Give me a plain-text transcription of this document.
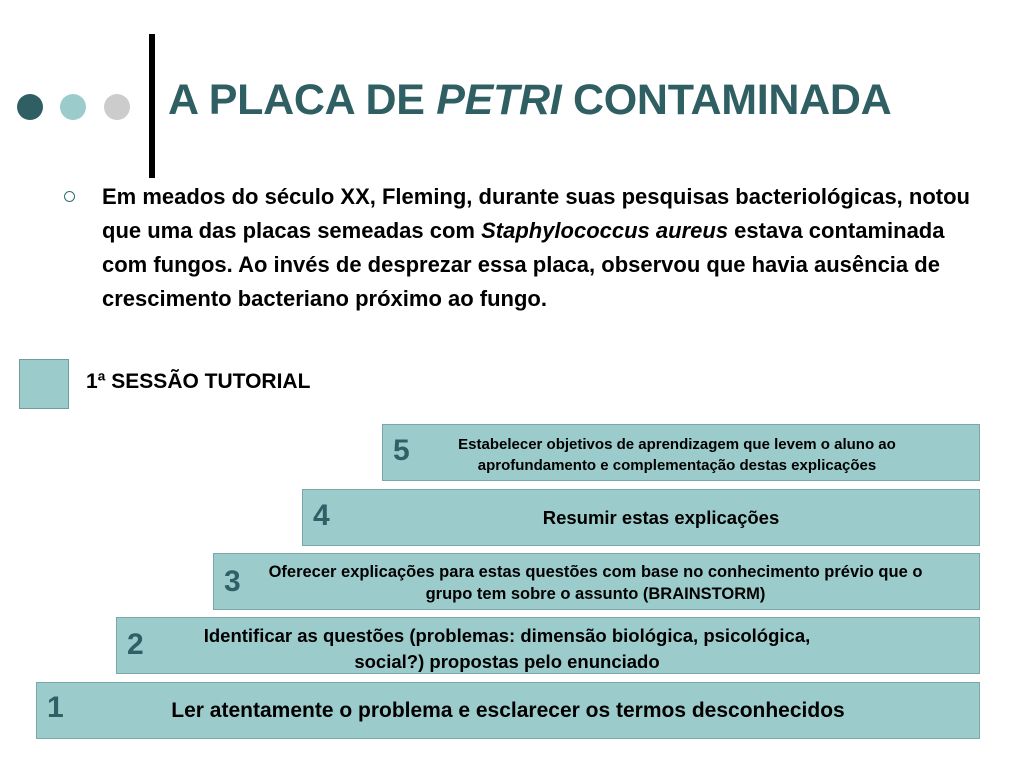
A PLACA DE PETRI CONTAMINADA

Em meados do século XX, Fleming, durante suas pesquisas bacteriológicas, notou que uma das placas semeadas com Staphylococcus aureus estava contaminada com fungos. Ao invés de desprezar essa placa, observou que havia ausência de crescimento bacteriano próximo ao fungo.

1ª SESSÃO TUTORIAL
5	Estabelecer objetivos de aprendizagem que levem o aluno ao aprofundamento e complementação destas explicações
4	Resumir estas explicações
3	Oferecer explicações para estas questões com base no conhecimento prévio que o grupo tem sobre o assunto (BRAINSTORM)
2	Identificar as questões (problemas: dimensão biológica, psicológica, social?) propostas pelo enunciado
1	Ler atentamente o problema e esclarecer os termos desconhecidos
